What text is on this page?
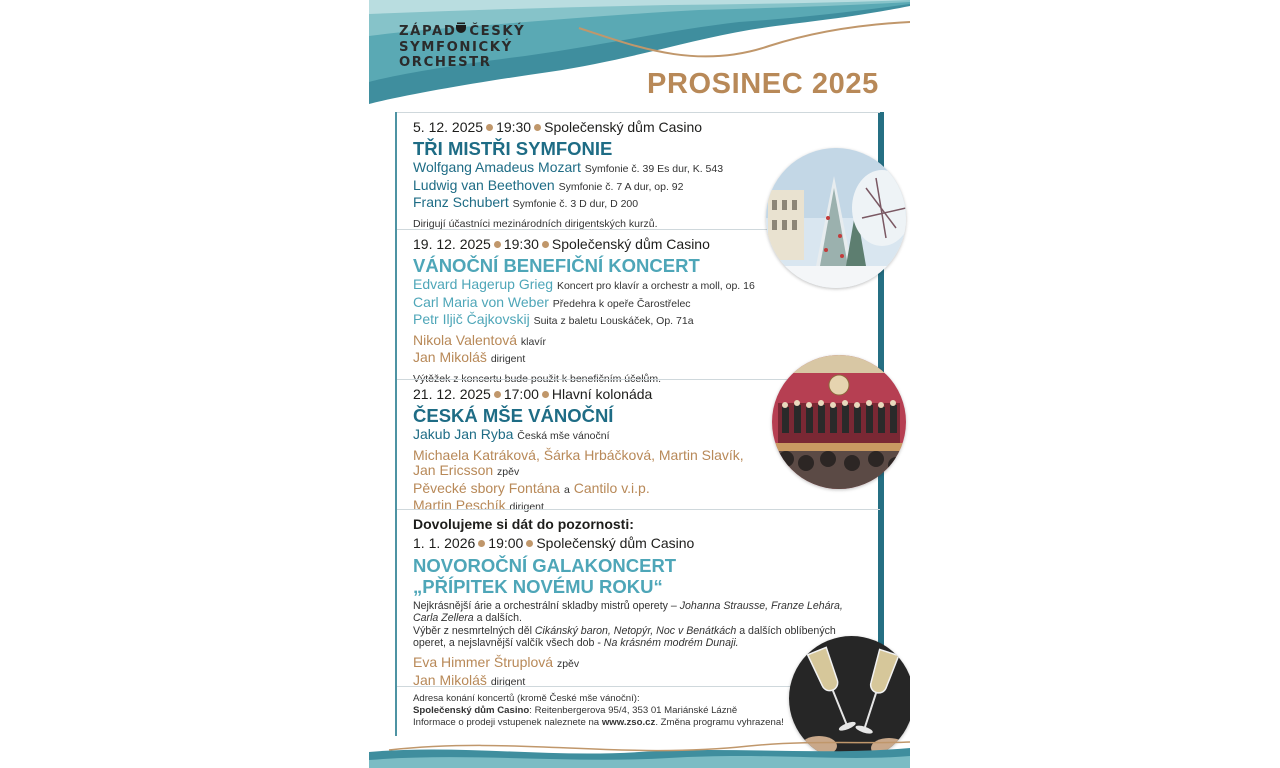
ZÁPAD ČESKÝ
SYMFONICKÝ
ORCHESTR
PROSINEC 2025
5. 12. 2025 19:30 Společenský dům Casino
TŘI MISTŘI SYMFONIE
Wolfgang Amadeus Mozart Symfonie č. 39 Es dur, K. 543
Ludwig van Beethoven Symfonie č. 7 A dur, op. 92
Franz Schubert Symfonie č. 3 D dur, D 200
Dirigují účastníci mezinárodních dirigentských kurzů.
19. 12. 2025 19:30 Společenský dům Casino
VÁNOČNÍ BENEFIČNÍ KONCERT
Edvard Hagerup Grieg Koncert pro klavír a orchestr a moll, op. 16
Carl Maria von Weber Předehra k opeře Čarostřelec
Petr Iljič Čajkovskij Suita z baletu Louskáček, Op. 71a
Nikola Valentová klavír
Jan Mikoláš dirigent
Výtěžek z koncertu bude použit k benefičním účelům.
21. 12. 2025 17:00 Hlavní kolonáda
ČESKÁ MŠE VÁNOČNÍ
Jakub Jan Ryba Česká mše vánoční
Michaela Katráková, Šárka Hrbáčková, Martin Slavík,
Jan Ericsson zpěv
Pěvecké sbory Fontána a Cantilo v.i.p.
Martin Peschík dirigent
Dovolujeme si dát do pozornosti:
1. 1. 2026 19:00 Společenský dům Casino
NOVOROČNÍ GALAKONCERT
„PŘÍPITEK NOVÉMU ROKU“
Nejkrásnější árie a orchestrální skladby mistrů operety – Johanna Strausse, Franze Lehára,
Carla Zellera a dalších.
Výběr z nesmrtelných děl Cikánský baron, Netopýr, Noc v Benátkách a dalších oblíbených
operet, a nejslavnější valčík všech dob - Na krásném modrém Dunaji.
Eva Himmer Štruplová zpěv
Jan Mikoláš dirigent
Adresa konání koncertů (kromě České mše vánoční):
Společenský dům Casino: Reitenbergerova 95/4, 353 01 Mariánské Lázně
Informace o prodeji vstupenek naleznete na www.zso.cz. Změna programu vyhrazena!
